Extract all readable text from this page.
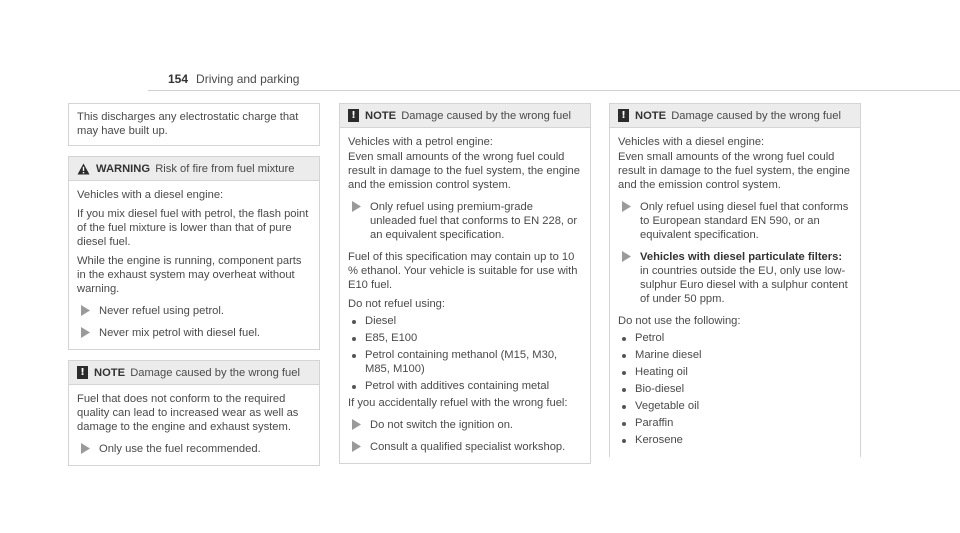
154 Driving and parking

This discharges any electrostatic charge that may have built up.

WARNING Risk of fire from fuel mixture

Vehicles with a diesel engine:

If you mix diesel fuel with petrol, the flash point of the fuel mixture is lower than that of pure diesel fuel.

While the engine is running, component parts in the exhaust system may overheat without warning.

Never refuel using petrol.
Never mix petrol with diesel fuel.
! NOTE Damage caused by the wrong fuel

Fuel that does not conform to the required quality can lead to increased wear as well as damage to the engine and exhaust system.

Only use the fuel recommended.
! NOTE Damage caused by the wrong fuel

Vehicles with a petrol engine:

Even small amounts of the wrong fuel could result in damage to the fuel system, the engine and the emission control system.

Only refuel using premium-grade unleaded fuel that conforms to EN 228, or an equivalent specification.

Fuel of this specification may contain up to 10 % ethanol. Your vehicle is suitable for use with E10 fuel.

Do not refuel using:

Diesel
E85, E100
Petrol containing methanol (M15, M30, M85, M100)
Petrol with additives containing metal

If you accidentally refuel with the wrong fuel:

Do not switch the ignition on.
Consult a qualified specialist workshop.
! NOTE Damage caused by the wrong fuel

Vehicles with a diesel engine:

Even small amounts of the wrong fuel could result in damage to the fuel system, the engine and the emission control system.

Only refuel using diesel fuel that conforms to European standard EN 590, or an equivalent specification.
Vehicles with diesel particulate filters: in countries outside the EU, only use low-sulphur Euro diesel with a sulphur content of under 50 ppm.

Do not use the following:

Petrol
Marine diesel
Heating oil
Bio-diesel
Vegetable oil
Paraffin
Kerosene
